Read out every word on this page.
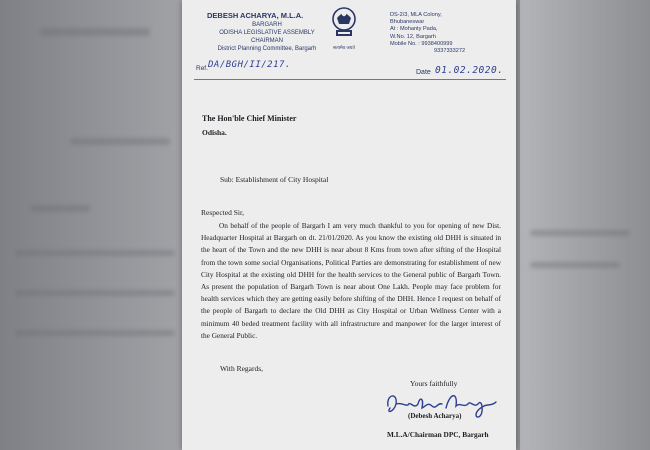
DEBESH ACHARYA, M.L.A.
BARGARH
ODISHA LEGISLATIVE ASSEMBLY
CHAIRMAN
District Planning Committee, Bargarh	सत्यमेव जयते
DS-2/3, MLA Colony,
Bhubaneswar
At : Mohanty Pada,
W.No. 12, Bargarh
Mobile No. : 9938400999
9337333272
Ref. DA/BGH/II/217.
Date 01.02.2020.
The Hon'ble Chief Minister
Odisha.
Sub: Establishment of City Hospital
Respected Sir,
On behalf of the people of Bargarh I am very much thankful to you for opening of new Dist. Headquarter Hospital at Bargarh on dt. 21/01/2020. As you know the existing old DHH is situated in the heart of the Town and the new DHH is near about 8 Kms from town after sifting of the Hospital from the town some social Organisations, Political Parties are demonstrating for establishment of new City Hospital at the existing old DHH for the health services to the General public of Bargarh Town. As present the population of Bargarh Town is near about One Lakh. People may face problem for health services which they are getting easily before shifting of the DHH. Hence I request on behalf of the people of Bargarh to declare the Old DHH as City Hospital or Urban Wellness Center with a minimum 40 beded treatment facility with all infrastructure and manpower for the larger interest of the General Public.
With Regards,
Yours faithfully
(Debesh Acharya)
M.L.A/Chairman DPC, Bargarh
